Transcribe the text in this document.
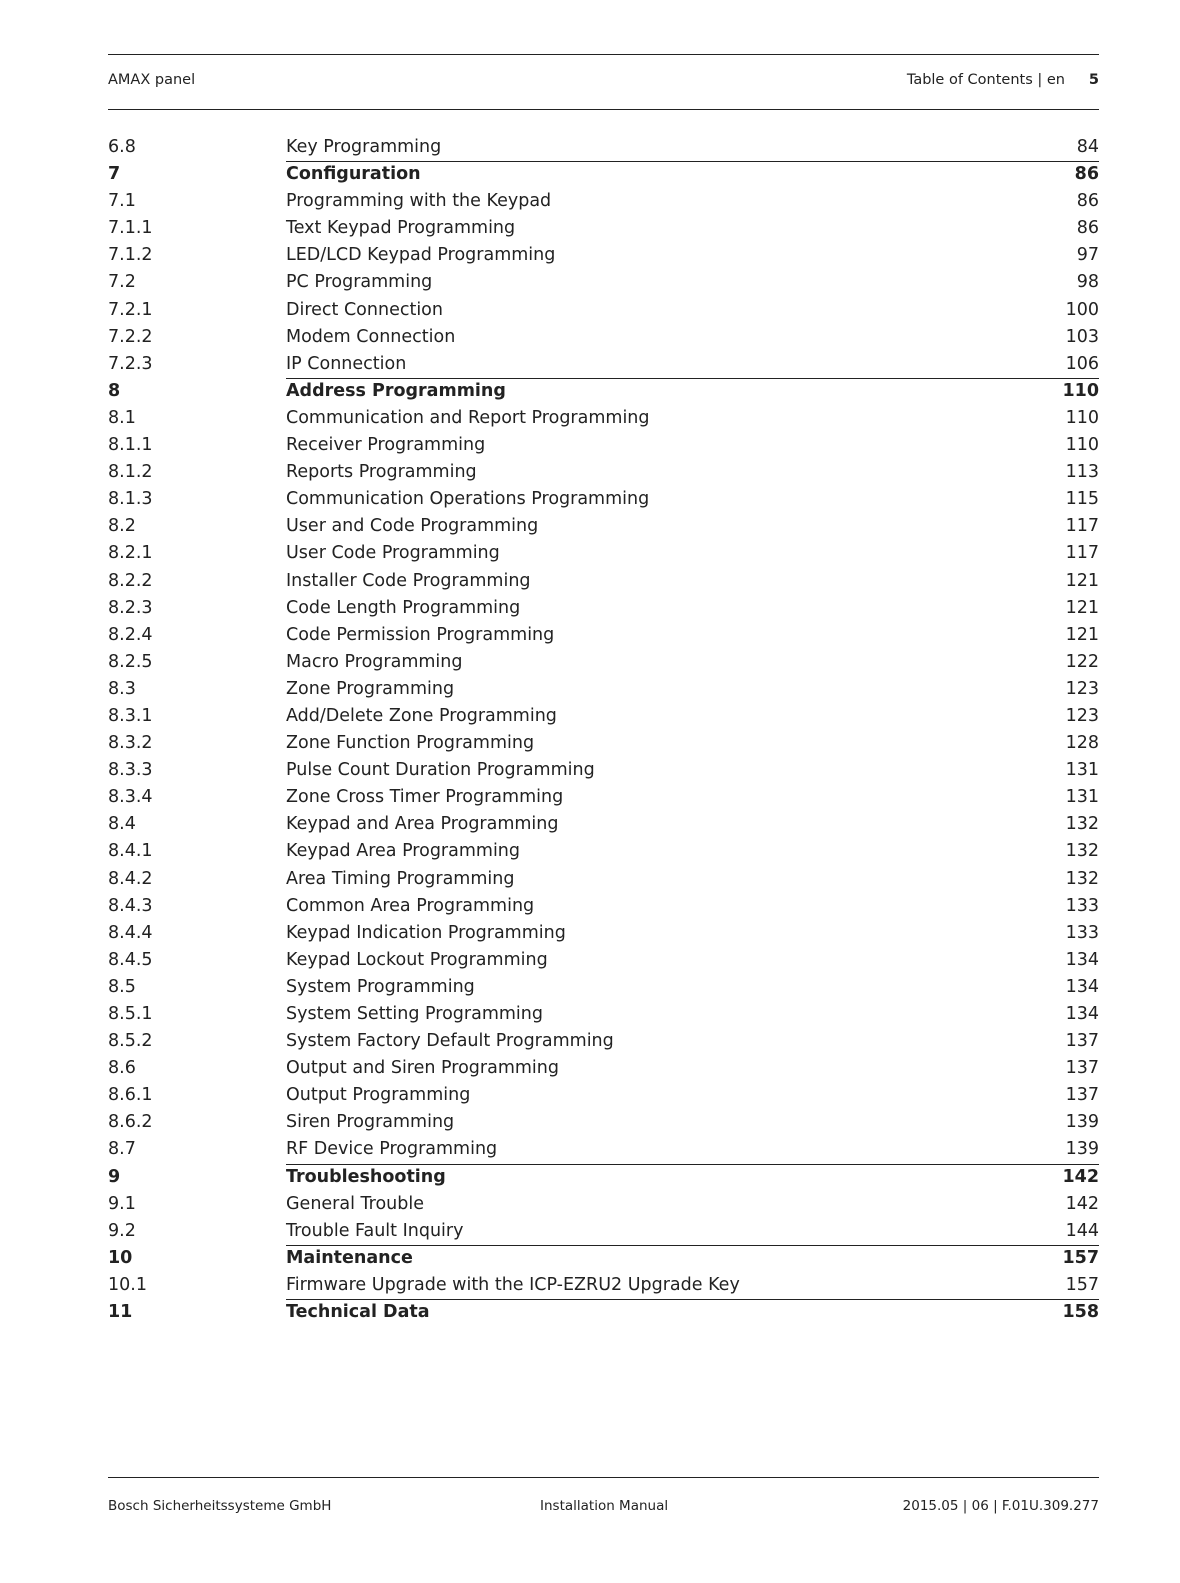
AMAX panel	Table of Contents | en 5
6.8	Key Programming	84
7	Configuration	86
7.1	Programming with the Keypad	86
7.1.1	Text Keypad Programming	86
7.1.2	LED/LCD Keypad Programming	97
7.2	PC Programming	98
7.2.1	Direct Connection	100
7.2.2	Modem Connection	103
7.2.3	IP Connection	106
8	Address Programming	110
8.1	Communication and Report Programming	110
8.1.1	Receiver Programming	110
8.1.2	Reports Programming	113
8.1.3	Communication Operations Programming	115
8.2	User and Code Programming	117
8.2.1	User Code Programming	117
8.2.2	Installer Code Programming	121
8.2.3	Code Length Programming	121
8.2.4	Code Permission Programming	121
8.2.5	Macro Programming	122
8.3	Zone Programming	123
8.3.1	Add/Delete Zone Programming	123
8.3.2	Zone Function Programming	128
8.3.3	Pulse Count Duration Programming	131
8.3.4	Zone Cross Timer Programming	131
8.4	Keypad and Area Programming	132
8.4.1	Keypad Area Programming	132
8.4.2	Area Timing Programming	132
8.4.3	Common Area Programming	133
8.4.4	Keypad Indication Programming	133
8.4.5	Keypad Lockout Programming	134
8.5	System Programming	134
8.5.1	System Setting Programming	134
8.5.2	System Factory Default Programming	137
8.6	Output and Siren Programming	137
8.6.1	Output Programming	137
8.6.2	Siren Programming	139
8.7	RF Device Programming	139
9	Troubleshooting	142
9.1	General Trouble	142
9.2	Trouble Fault Inquiry	144
10	Maintenance	157
10.1	Firmware Upgrade with the ICP-EZRU2 Upgrade Key	157
11	Technical Data	158
Bosch Sicherheitssysteme GmbH	Installation Manual	2015.05 | 06 | F.01U.309.277
